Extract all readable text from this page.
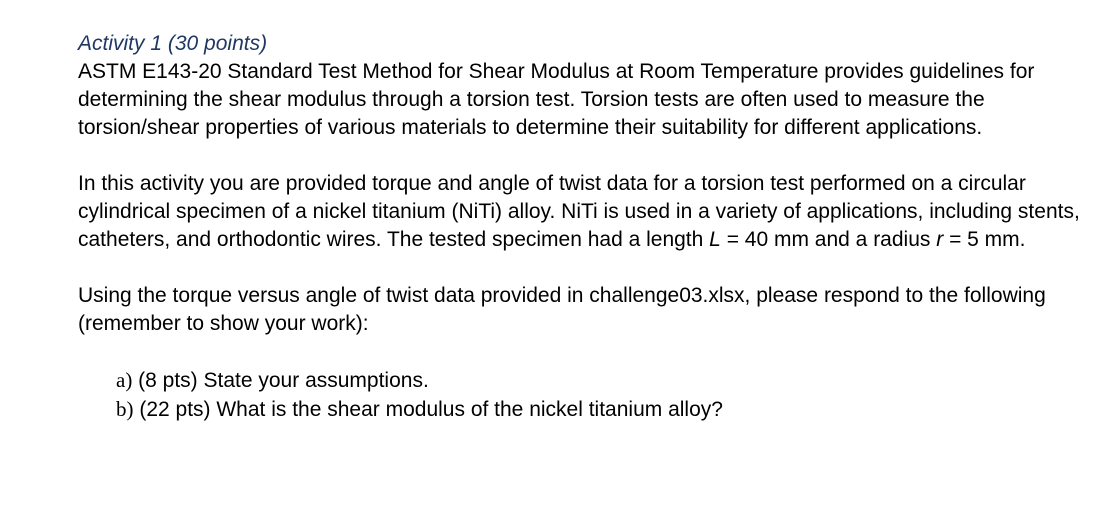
Activity 1 (30 points)

ASTM E143-20 Standard Test Method for Shear Modulus at Room Temperature provides guidelines for determining the shear modulus through a torsion test. Torsion tests are often used to measure the torsion/shear properties of various materials to determine their suitability for different applications.

In this activity you are provided torque and angle of twist data for a torsion test performed on a circular cylindrical specimen of a nickel titanium (NiTi) alloy. NiTi is used in a variety of applications, including stents, catheters, and orthodontic wires. The tested specimen had a length L = 40 mm and a radius r = 5 mm.

Using the torque versus angle of twist data provided in challenge03.xlsx, please respond to the following (remember to show your work):

a) (8 pts) State your assumptions.
b) (22 pts) What is the shear modulus of the nickel titanium alloy?
